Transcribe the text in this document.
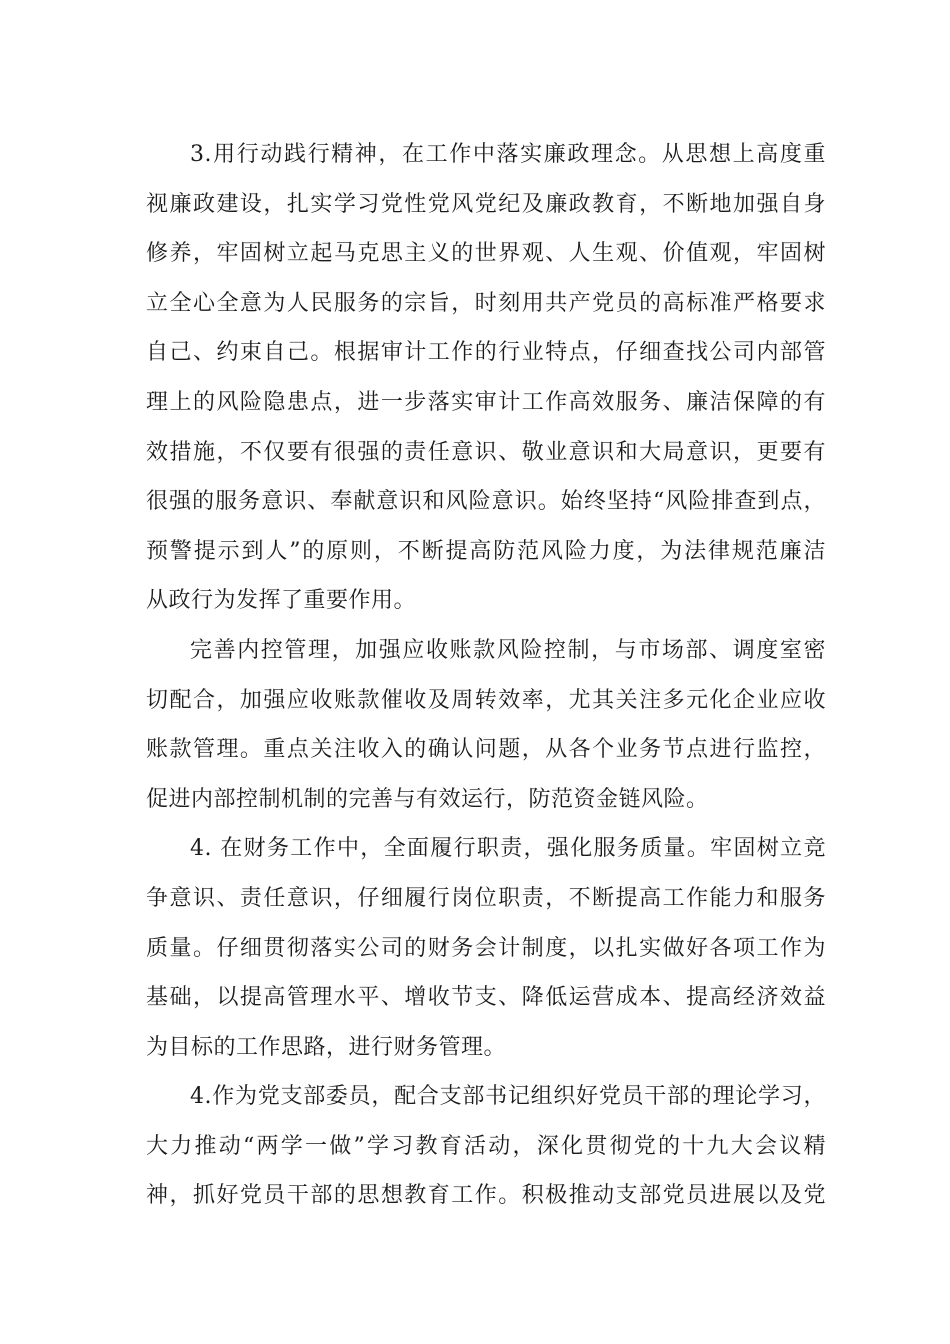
3.用行动践行精神，在工作中落实廉政理念。从思想上高度重
视廉政建设，扎实学习党性党风党纪及廉政教育，不断地加强自身
修养，牢固树立起马克思主义的世界观、人生观、价值观，牢固树
立全心全意为人民服务的宗旨，时刻用共产党员的高标准严格要求
自己、约束自己。根据审计工作的行业特点，仔细查找公司内部管
理上的风险隐患点，进一步落实审计工作高效服务、廉洁保障的有
效措施，不仅要有很强的责任意识、敬业意识和大局意识，更要有
很强的服务意识、奉献意识和风险意识。始终坚持“风险排查到点，
预警提示到人”的原则，不断提高防范风险力度，为法律规范廉洁
从政行为发挥了重要作用。
完善内控管理，加强应收账款风险控制，与市场部、调度室密
切配合，加强应收账款催收及周转效率，尤其关注多元化企业应收
账款管理。重点关注收入的确认问题，从各个业务节点进行监控，
促进内部控制机制的完善与有效运行，防范资金链风险。
4. 在财务工作中，全面履行职责，强化服务质量。牢固树立竞
争意识、责任意识，仔细履行岗位职责，不断提高工作能力和服务
质量。仔细贯彻落实公司的财务会计制度，以扎实做好各项工作为
基础，以提高管理水平、增收节支、降低运营成本、提高经济效益
为目标的工作思路，进行财务管理。
4.作为党支部委员，配合支部书记组织好党员干部的理论学习，
大力推动“两学一做”学习教育活动，深化贯彻党的十九大会议精
神，抓好党员干部的思想教育工作。积极推动支部党员进展以及党
